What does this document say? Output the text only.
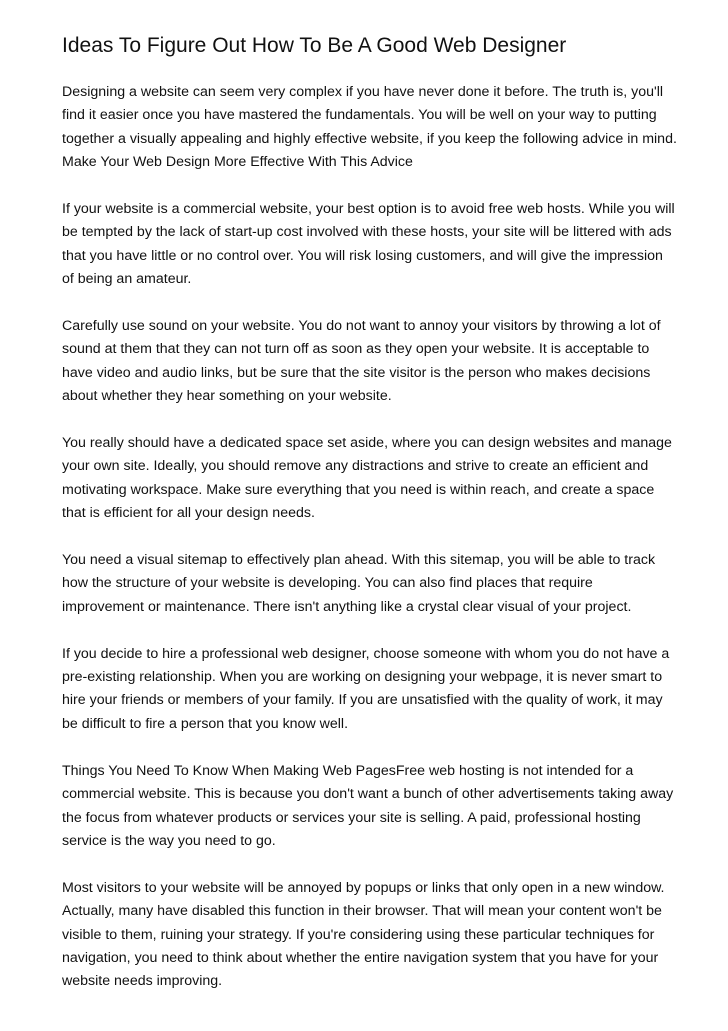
Ideas To Figure Out How To Be A Good Web Designer

Designing a website can seem very complex if you have never done it before. The truth is, you'll find it easier once you have mastered the fundamentals. You will be well on your way to putting together a visually appealing and highly effective website, if you keep the following advice in mind.

Make Your Web Design More Effective With This Advice

If your website is a commercial website, your best option is to avoid free web hosts. While you will be tempted by the lack of start-up cost involved with these hosts, your site will be littered with ads that you have little or no control over. You will risk losing customers, and will give the impression of being an amateur.

Carefully use sound on your website. You do not want to annoy your visitors by throwing a lot of sound at them that they can not turn off as soon as they open your website. It is acceptable to have video and audio links, but be sure that the site visitor is the person who makes decisions about whether they hear something on your website.

You really should have a dedicated space set aside, where you can design websites and manage your own site. Ideally, you should remove any distractions and strive to create an efficient and motivating workspace. Make sure everything that you need is within reach, and create a space that is efficient for all your design needs.

You need a visual sitemap to effectively plan ahead. With this sitemap, you will be able to track how the structure of your website is developing. You can also find places that require improvement or maintenance. There isn't anything like a crystal clear visual of your project.

If you decide to hire a professional web designer, choose someone with whom you do not have a pre-existing relationship. When you are working on designing your webpage, it is never smart to hire your friends or members of your family. If you are unsatisfied with the quality of work, it may be difficult to fire a person that you know well.

Things You Need To Know When Making Web PagesFree web hosting is not intended for a commercial website. This is because you don't want a bunch of other advertisements taking away the focus from whatever products or services your site is selling. A paid, professional hosting service is the way you need to go.

Most visitors to your website will be annoyed by popups or links that only open in a new window. Actually, many have disabled this function in their browser. That will mean your content won't be visible to them, ruining your strategy. If you're considering using these particular techniques for navigation, you need to think about whether the entire navigation system that you have for your website needs improving.
